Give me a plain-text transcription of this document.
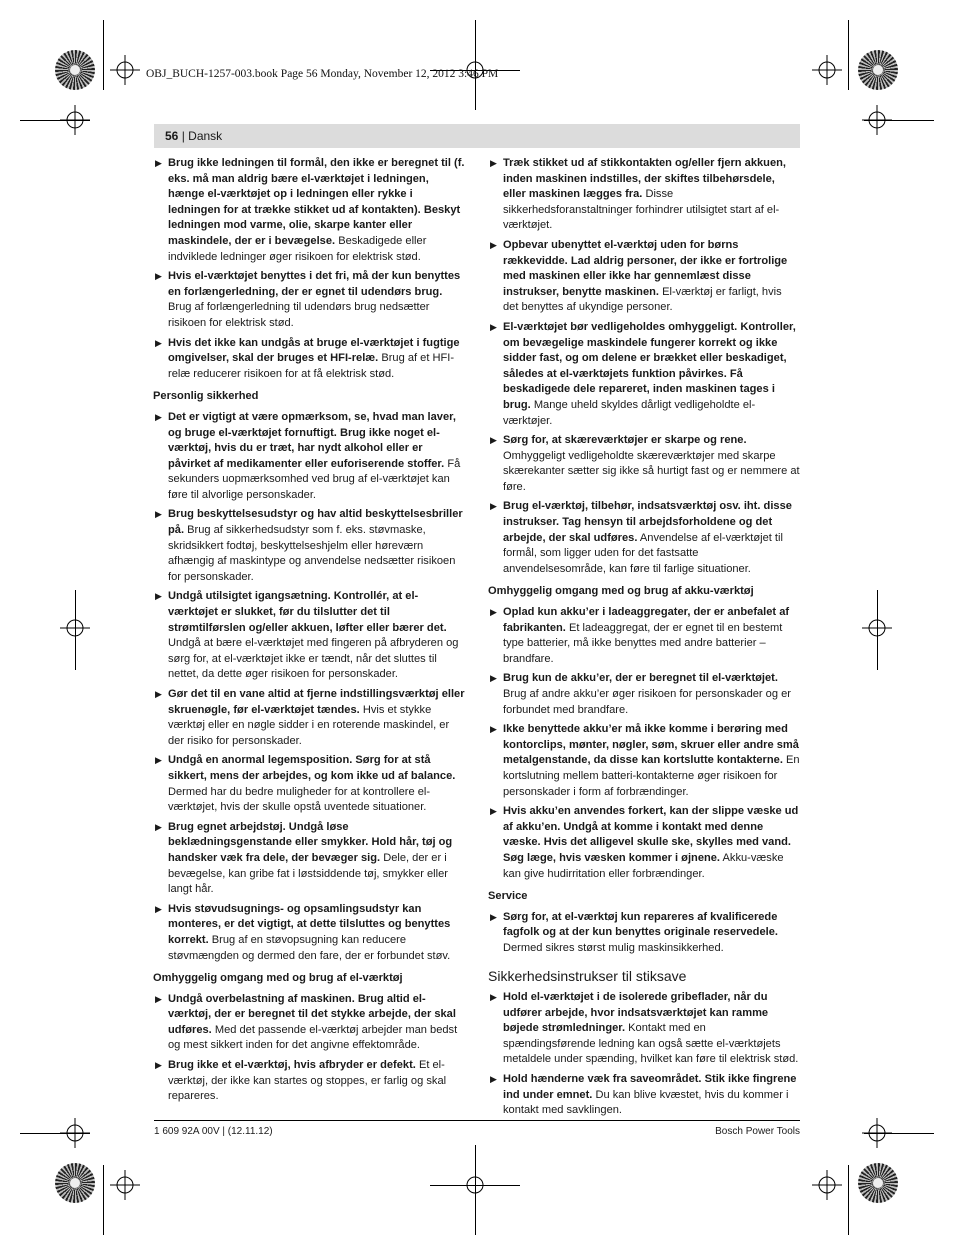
OBJ_BUCH-1257-003.book Page 56 Monday, November 12, 2012 3:46 PM
56 | Dansk
▶ Brug ikke ledningen til formål, den ikke er beregnet til (f. eks. må man aldrig bære el-værktøjet i ledningen, hænge el-værktøjet op i ledningen eller rykke i ledningen for at trække stikket ud af kontakten). Beskyt ledningen mod varme, olie, skarpe kanter eller maskindele, der er i bevægelse. Beskadigede eller indviklede ledninger øger risikoen for elektrisk stød.
▶ Hvis el-værktøjet benyttes i det fri, må der kun benyttes en forlængerledning, der er egnet til udendørs brug. Brug af forlængerledning til udendørs brug nedsætter risikoen for elektrisk stød.
▶ Hvis det ikke kan undgås at bruge el-værktøjet i fugtige omgivelser, skal der bruges et HFI-relæ. Brug af et HFI-relæ reducerer risikoen for at få elektrisk stød.
Personlig sikkerhed
▶ Det er vigtigt at være opmærksom, se, hvad man laver, og bruge el-værktøjet fornuftigt. Brug ikke noget el-værktøj, hvis du er træt, har nydt alkohol eller er påvirket af medikamenter eller euforiserende stoffer. Få sekunders uopmærksomhed ved brug af el-værktøjet kan føre til alvorlige personskader.
▶ Brug beskyttelsesudstyr og hav altid beskyttelsesbriller på. Brug af sikkerhedsudstyr som f. eks. støvmaske, skridsikkert fodtøj, beskyttelseshjelm eller høreværn afhængig af maskintype og anvendelse nedsætter risikoen for personskader.
▶ Undgå utilsigtet igangsætning. Kontrollér, at el-værktøjet er slukket, før du tilslutter det til strømtilførslen og/eller akkuen, løfter eller bærer det. Undgå at bære el-værktøjet med fingeren på afbryderen og sørg for, at el-værktøjet ikke er tændt, når det sluttes til nettet, da dette øger risikoen for personskader.
▶ Gør det til en vane altid at fjerne indstillingsværktøj eller skruenøgle, før el-værktøjet tændes. Hvis et stykke værktøj eller en nøgle sidder i en roterende maskindel, er der risiko for personskader.
▶ Undgå en anormal legemsposition. Sørg for at stå sikkert, mens der arbejdes, og kom ikke ud af balance. Dermed har du bedre muligheder for at kontrollere el-værktøjet, hvis der skulle opstå uventede situationer.
▶ Brug egnet arbejdstøj. Undgå løse beklædningsgenstande eller smykker. Hold hår, tøj og handsker væk fra dele, der bevæger sig. Dele, der er i bevægelse, kan gribe fat i løstsiddende tøj, smykker eller langt hår.
▶ Hvis støvudsugnings- og opsamlingsudstyr kan monteres, er det vigtigt, at dette tilsluttes og benyttes korrekt. Brug af en støvopsugning kan reducere støvmængden og dermed den fare, der er forbundet støv.
Omhyggelig omgang med og brug af el-værktøj
▶ Undgå overbelastning af maskinen. Brug altid el-værktøj, der er beregnet til det stykke arbejde, der skal udføres. Med det passende el-værktøj arbejder man bedst og mest sikkert inden for det angivne effektområde.
▶ Brug ikke et el-værktøj, hvis afbryder er defekt. Et el-værktøj, der ikke kan startes og stoppes, er farlig og skal repareres.
▶ Træk stikket ud af stikkontakten og/eller fjern akkuen, inden maskinen indstilles, der skiftes tilbehørsdele, eller maskinen lægges fra. Disse sikkerhedsforanstaltninger forhindrer utilsigtet start af el-værktøjet.
▶ Opbevar ubenyttet el-værktøj uden for børns rækkevidde. Lad aldrig personer, der ikke er fortrolige med maskinen eller ikke har gennemlæst disse instrukser, benytte maskinen. El-værktøj er farligt, hvis det benyttes af ukyndige personer.
▶ El-værktøjet bør vedligeholdes omhyggeligt. Kontroller, om bevægelige maskindele fungerer korrekt og ikke sidder fast, og om delene er brækket eller beskadiget, således at el-værktøjets funktion påvirkes. Få beskadigede dele repareret, inden maskinen tages i brug. Mange uheld skyldes dårligt vedligeholdte el-værktøjer.
▶ Sørg for, at skæreværktøjer er skarpe og rene. Omhyggeligt vedligeholdte skæreværktøjer med skarpe skærekanter sætter sig ikke så hurtigt fast og er nemmere at føre.
▶ Brug el-værktøj, tilbehør, indsatsværktøj osv. iht. disse instrukser. Tag hensyn til arbejdsforholdene og det arbejde, der skal udføres. Anvendelse af el-værktøjet til formål, som ligger uden for det fastsatte anvendelsesområde, kan føre til farlige situationer.
Omhyggelig omgang med og brug af akku-værktøj
▶ Oplad kun akku’er i ladeaggregater, der er anbefalet af fabrikanten. Et ladeaggregat, der er egnet til en bestemt type batterier, må ikke benyttes med andre batterier – brandfare.
▶ Brug kun de akku’er, der er beregnet til el-værktøjet. Brug af andre akku’er øger risikoen for personskader og er forbundet med brandfare.
▶ Ikke benyttede akku’er må ikke komme i berøring med kontorclips, mønter, nøgler, søm, skruer eller andre små metalgenstande, da disse kan kortslutte kontakterne. En kortslutning mellem batteri-kontakterne øger risikoen for personskader i form af forbrændinger.
▶ Hvis akku’en anvendes forkert, kan der slippe væske ud af akku’en. Undgå at komme i kontakt med denne væske. Hvis det alligevel skulle ske, skylles med vand. Søg læge, hvis væsken kommer i øjnene. Akku-væske kan give hudirritation eller forbrændinger.
Service
▶ Sørg for, at el-værktøj kun repareres af kvalificerede fagfolk og at der kun benyttes originale reservedele. Dermed sikres størst mulig maskinsikkerhed.
Sikkerhedsinstrukser til stiksave
▶ Hold el-værktøjet i de isolerede gribeflader, når du udfører arbejde, hvor indsatsværktøjet kan ramme bøjede strømledninger. Kontakt med en spændingsførende ledning kan også sætte el-værktøjets metaldele under spænding, hvilket kan føre til elektrisk stød.
▶ Hold hænderne væk fra saveområdet. Stik ikke fingrene ind under emnet. Du kan blive kvæstet, hvis du kommer i kontakt med savklingen.
1 609 92A 00V | (12.11.12)	Bosch Power Tools
